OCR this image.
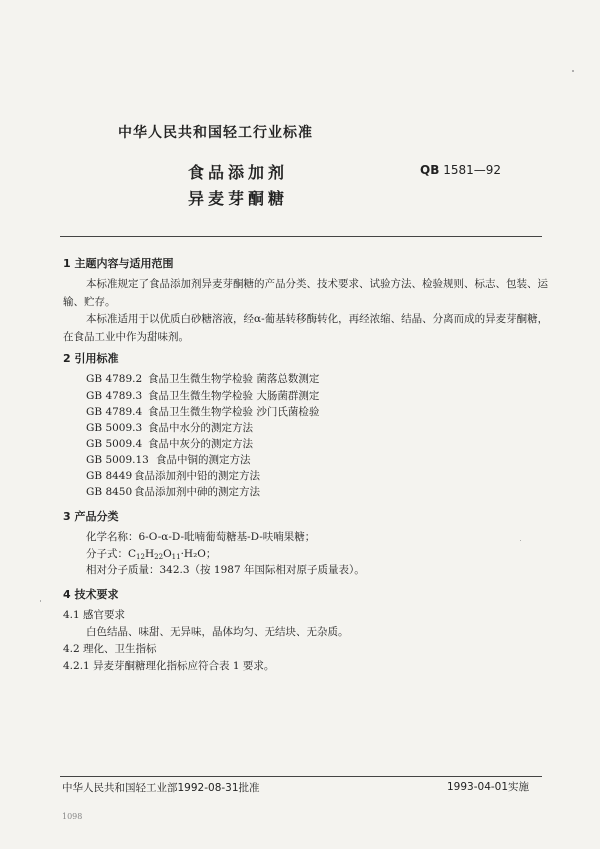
中华人民共和国轻工行业标准
食品添加剂
异麦芽酮糖
QB 1581—92
1 主题内容与适用范围
本标准规定了食品添加剂异麦芽酮糖的产品分类、技术要求、试验方法、检验规则、标志、包装、运
输、贮存。
本标准适用于以优质白砂糖溶液，经α-葡基转移酶转化，再经浓缩、结晶、分离而成的异麦芽酮糖，
在食品工业中作为甜味剂。
2 引用标准
GB 4789.2 食品卫生微生物学检验 菌落总数测定
GB 4789.3 食品卫生微生物学检验 大肠菌群测定
GB 4789.4 食品卫生微生物学检验 沙门氏菌检验
GB 5009.3 食品中水分的测定方法
GB 5009.4 食品中灰分的测定方法
GB 5009.13 食品中铜的测定方法
GB 8449 食品添加剂中铅的测定方法
GB 8450 食品添加剂中砷的测定方法
3 产品分类
化学名称：6-O-α-D-吡喃葡萄糖基-D-呋喃果糖；
分子式：$C_{12}H_{22}O_{11}\cdot H_2O$；
相对分子质量：342.3（按 1987 年国际相对原子质量表）。
4 技术要求
4.1 感官要求
白色结晶、味甜、无异味，晶体均匀、无结块、无杂质。
4.2 理化、卫生指标
4.2.1 异麦芽酮糖理化指标应符合表 1 要求。
中华人民共和国轻工业部1992-08-31批准	1993-04-01实施
1098
